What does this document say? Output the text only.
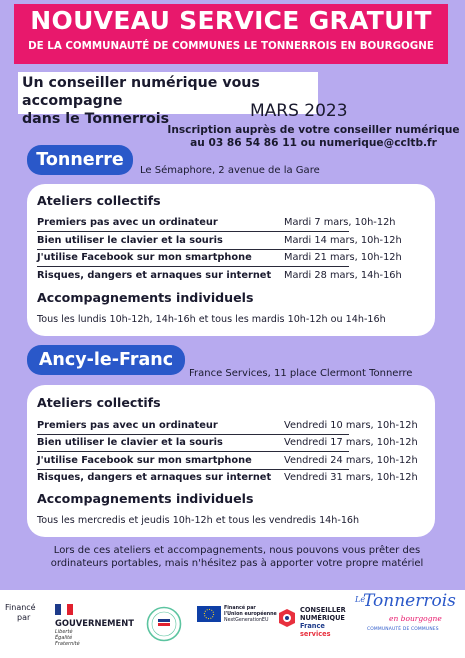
NOUVEAU SERVICE GRATUIT
DE LA COMMUNAUTÉ DE COMMUNES LE TONNERROIS EN BOURGOGNE
Un conseiller numérique vous accompagne
dans le Tonnerrois	MARS 2023
Inscription auprès de votre conseiller numérique
au 03 86 54 86 11 ou numerique@ccltb.fr
Tonnerre
Le Sémaphore, 2 avenue de la Gare
Ateliers collectifs
Premiers pas avec un ordinateur	Mardi 7 mars, 10h-12h
Bien utiliser le clavier et la souris	Mardi 14 mars, 10h-12h
J'utilise Facebook sur mon smartphone	Mardi 21 mars, 10h-12h
Risques, dangers et arnaques sur internet Mardi 28 mars, 14h-16h
Accompagnements individuels
Tous les lundis 10h-12h, 14h-16h et tous les mardis 10h-12h ou 14h-16h
Ancy-le-Franc
France Services, 11 place Clermont Tonnerre
Ateliers collectifs
Premiers pas avec un ordinateur	Vendredi 10 mars, 10h-12h
Bien utiliser le clavier et la souris	Vendredi 17 mars, 10h-12h
J'utilise Facebook sur mon smartphone	Vendredi 24 mars, 10h-12h
Risques, dangers et arnaques sur internet Vendredi 31 mars, 10h-12h
Accompagnements individuels
Tous les mercredis et jeudis 10h-12h et tous les vendredis 14h-16h
Lors de ces ateliers et accompagnements, nous pouvons vous prêter des
ordinateurs portables, mais n'hésitez pas à apporter votre propre matériel
Financé
par
GOUVERNEMENT
Liberté
Égalité
Fraternité
Financé par
l'Union européenne
NextGenerationEU
CONSEILLER
NUMÉRIQUE
France
services
Le
Tonnerrois
en bourgogne
COMMUNAUTÉ DE COMMUNES
